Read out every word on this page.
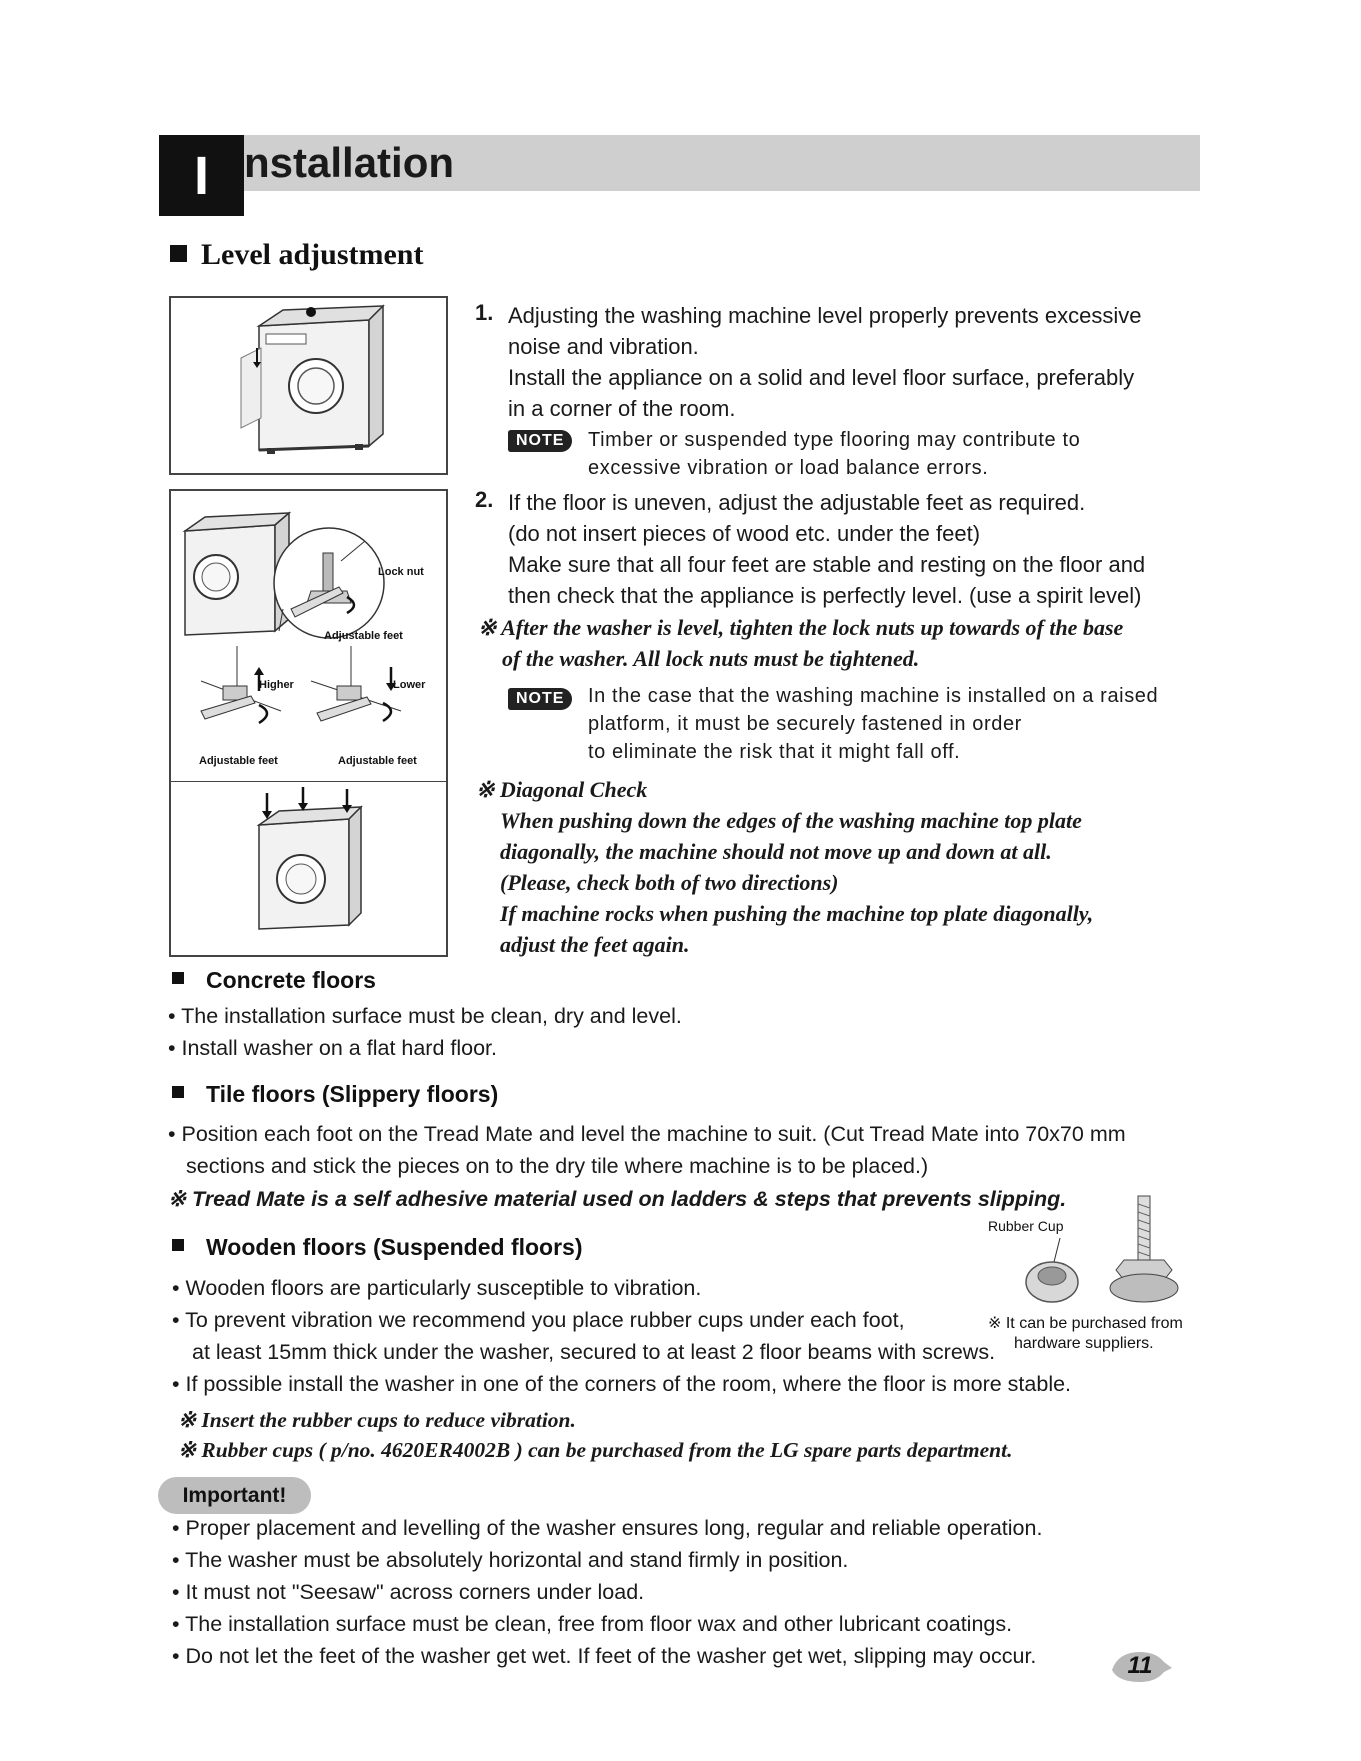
I nstallation
Level adjustment
Lock nut
Adjustable feet
Higher	Lower
Adjustable feet	Adjustable feet
1. Adjusting the washing machine level properly prevents excessive
noise and vibration.
Install the appliance on a solid and level floor surface, preferably
in a corner of the room.
NOTE	Timber or suspended type flooring may contribute to
excessive vibration or load balance errors.
2. If the floor is uneven, adjust the adjustable feet as required.
(do not insert pieces of wood etc. under the feet)
Make sure that all four feet are stable and resting on the floor and
then check that the appliance is perfectly level. (use a spirit level)
※ After the washer is level, tighten the lock nuts up towards of the base
of the washer. All lock nuts must be tightened.
NOTE	In the case that the washing machine is installed on a raised
platform, it must be securely fastened in order
to eliminate the risk that it might fall off.
※ Diagonal Check
When pushing down the edges of the washing machine top plate
diagonally, the machine should not move up and down at all.
(Please, check both of two directions)
If machine rocks when pushing the machine top plate diagonally,
adjust the feet again.
Concrete floors
• The installation surface must be clean, dry and level.
• Install washer on a flat hard floor.
Tile floors (Slippery floors)
• Position each foot on the Tread Mate and level the machine to suit. (Cut Tread Mate into 70x70 mm
sections and stick the pieces on to the dry tile where machine is to be placed.)
※ Tread Mate is a self adhesive material used on ladders & steps that prevents slipping.
Wooden floors (Suspended floors)
• Wooden floors are particularly susceptible to vibration.
• To prevent vibration we recommend you place rubber cups under each foot,
at least 15mm thick under the washer, secured to at least 2 floor beams with screws.
• If possible install the washer in one of the corners of the room, where the floor is more stable.
※ Insert the rubber cups to reduce vibration.
※ Rubber cups ( p/no. 4620ER4002B ) can be purchased from the LG spare parts department.
Rubber Cup
※ It can be purchased from
hardware suppliers.
Important!
• Proper placement and levelling of the washer ensures long, regular and reliable operation.
• The washer must be absolutely horizontal and stand firmly in position.
• It must not "Seesaw" across corners under load.
• The installation surface must be clean, free from floor wax and other lubricant coatings.
• Do not let the feet of the washer get wet. If feet of the washer get wet, slipping may occur.	11
